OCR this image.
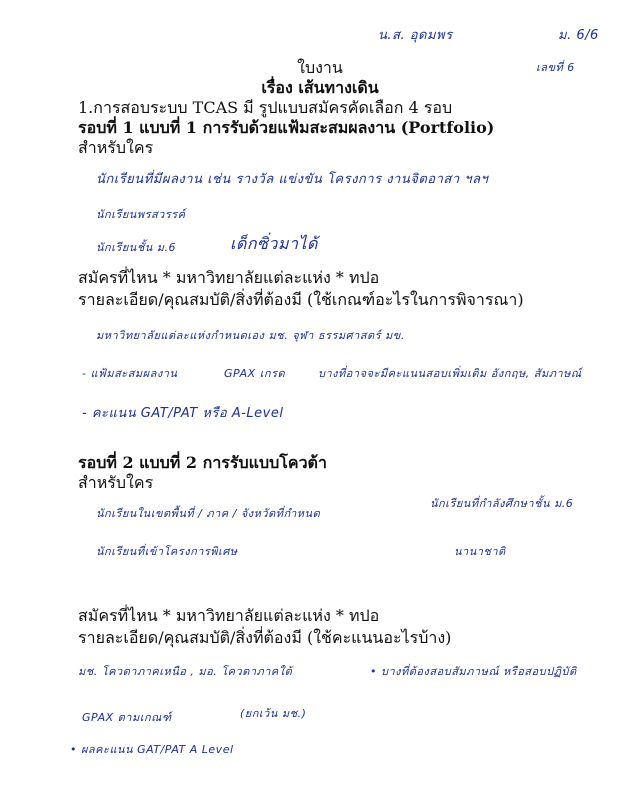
น.ส. อุดมพร	ม. 6/6
เลขที่ 6
ใบงาน
เรื่อง เส้นทางเดิน
1.การสอบระบบ TCAS มี รูปแบบสมัครคัดเลือก 4 รอบ
รอบที่ 1 แบบที่ 1 การรับด้วยแฟ้มสะสมผลงาน (Portfolio)
สำหรับใคร
นักเรียนที่มีผลงาน เช่น รางวัล แข่งขัน โครงการ งานจิตอาสา ฯลฯ
นักเรียนพรสวรรค์
นักเรียนชั้น ม.6	เด็กซิ่วมาได้
สมัครที่ไหน * มหาวิทยาลัยแต่ละแห่ง * ทปอ
รายละเอียด/คุณสมบัติ/สิ่งที่ต้องมี (ใช้เกณฑ์อะไรในการพิจารณา)
มหาวิทยาลัยแต่ละแห่งกำหนดเอง มช. จุฬา ธรรมศาสตร์ มข.
- แฟ้มสะสมผลงาน	GPAX เกรด	บางที่อาจจะมีคะแนนสอบเพิ่มเติม อังกฤษ, สัมภาษณ์
- คะแนน GAT/PAT หรือ A-Level
รอบที่ 2 แบบที่ 2 การรับแบบโควต้า
สำหรับใคร
นักเรียนในเขตพื้นที่ / ภาค / จังหวัดที่กำหนด
นักเรียนที่กำลังศึกษาชั้น ม.6
นักเรียนที่เข้าโครงการพิเศษ	นานาชาติ
สมัครที่ไหน * มหาวิทยาลัยแต่ละแห่ง * ทปอ
รายละเอียด/คุณสมบัติ/สิ่งที่ต้องมี (ใช้คะแนนอะไรบ้าง)
มช. โควตาภาคเหนือ , มอ. โควตาภาคใต้	• บางที่ต้องสอบสัมภาษณ์ หรือสอบปฏิบัติ
GPAX ตามเกณฑ์	(ยกเว้น มช.)
• ผลคะแนน GAT/PAT A Level
